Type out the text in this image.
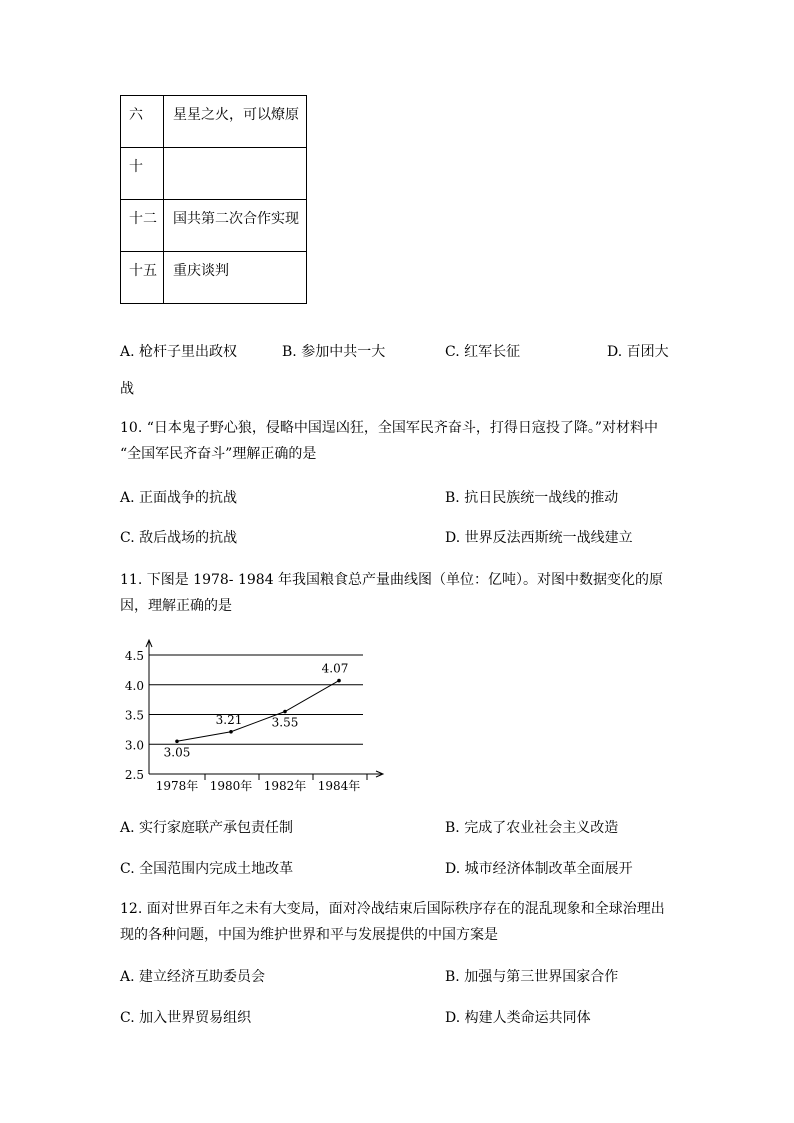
六	星星之火，可以燎原
十	
十二	国共第二次合作实现
十五	重庆谈判
A. 枪杆子里出政权	B. 参加中共一大	C. 红军长征	D. 百团大
战
10. “日本鬼子野心狼，侵略中国逞凶狂，全国军民齐奋斗，打得日寇投了降。”对材料中
“全国军民齐奋斗”理解正确的是
A. 正面战争的抗战	B. 抗日民族统一战线的推动
C. 敌后战场的抗战	D. 世界反法西斯统一战线建立
11. 下图是 1978- 1984 年我国粮食总产量曲线图（单位：亿吨）。对图中数据变化的原
因，理解正确的是
2.5
3.0
3.5
4.0
4.5
1978年 1980年 1982年 1984年
3.05
3.21 3.55
4.07
A. 实行家庭联产承包责任制	B. 完成了农业社会主义改造
C. 全国范围内完成土地改革	D. 城市经济体制改革全面展开
12. 面对世界百年之未有大变局，面对冷战结束后国际秩序存在的混乱现象和全球治理出
现的各种问题，中国为维护世界和平与发展提供的中国方案是
A. 建立经济互助委员会	B. 加强与第三世界国家合作
C. 加入世界贸易组织	D. 构建人类命运共同体
